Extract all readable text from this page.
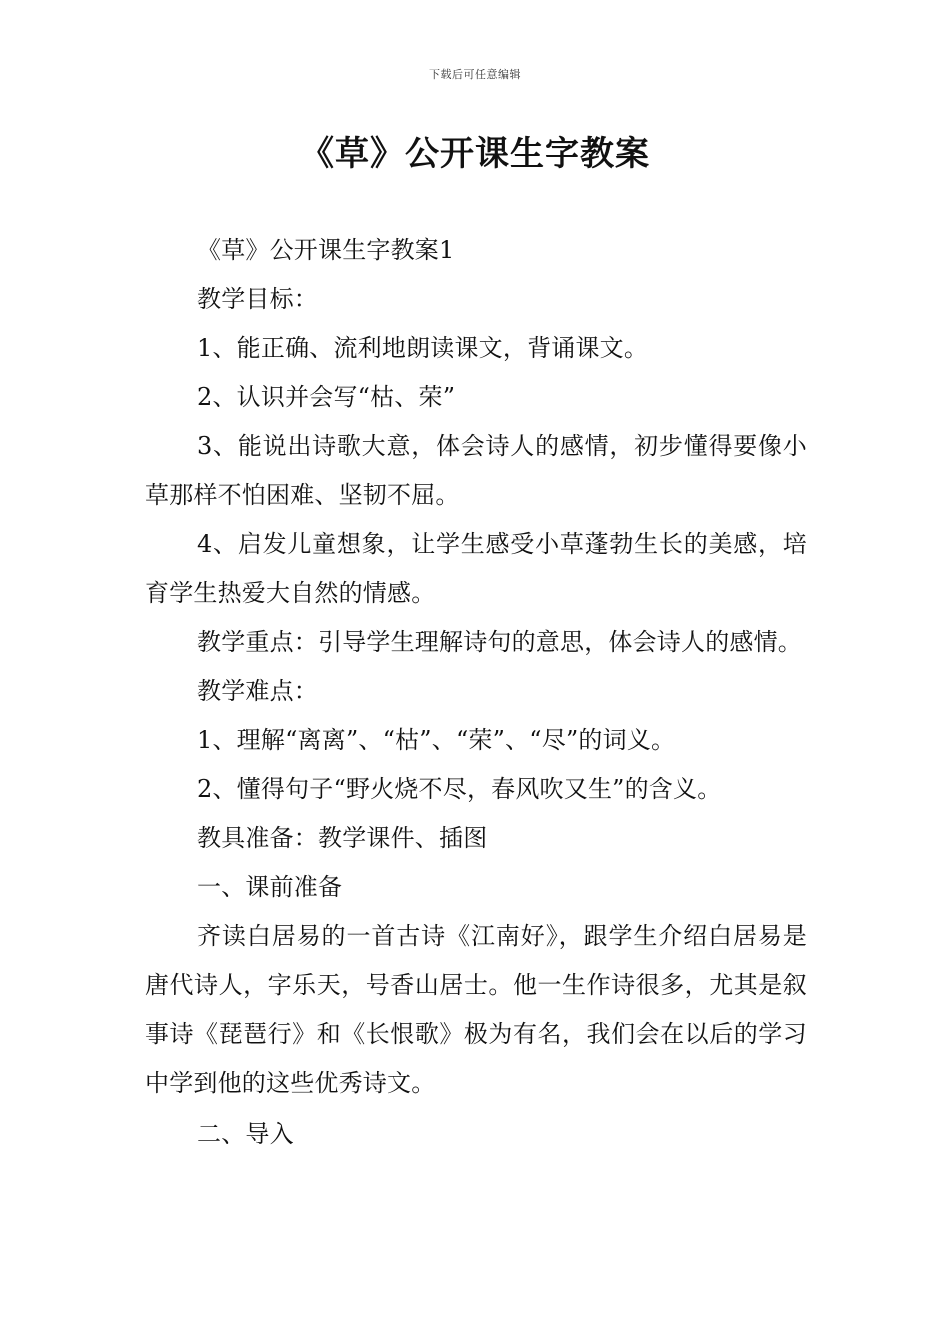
下载后可任意编辑
《草》公开课生字教案

《草》公开课生字教案1

教学目标：

1、能正确、流利地朗读课文，背诵课文。

2、认识并会写“枯、荣”

3、能说出诗歌大意，体会诗人的感情，初步懂得要像小草那样不怕困难、坚韧不屈。

4、启发儿童想象，让学生感受小草蓬勃生长的美感，培育学生热爱大自然的情感。

教学重点：引导学生理解诗句的意思，体会诗人的感情。

教学难点：

1、理解“离离”、“枯”、“荣”、“尽”的词义。

2、懂得句子“野火烧不尽，春风吹又生”的含义。

教具准备：教学课件、插图

一、课前准备

齐读白居易的一首古诗《江南好》，跟学生介绍白居易是唐代诗人，字乐天，号香山居士。他一生作诗很多，尤其是叙事诗《琵琶行》和《长恨歌》极为有名，我们会在以后的学习中学到他的这些优秀诗文。

二、导入
